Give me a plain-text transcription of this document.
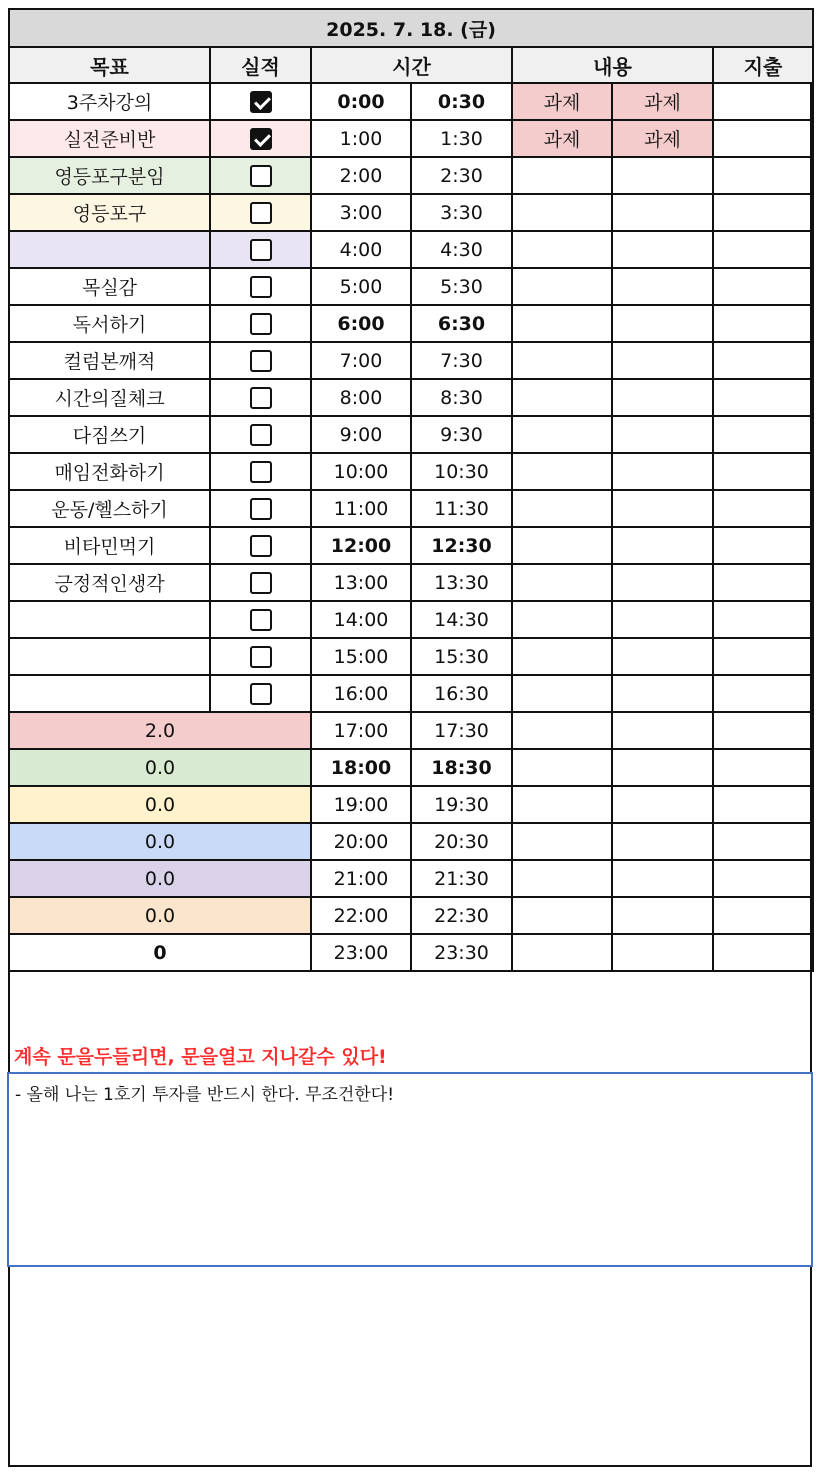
2025. 7. 18. (금)						
목표	실적	시간		내용		지출
3주차강의		0:00	0:30	과제	과제	
실전준비반		1:00	1:30	과제	과제	
영등포구분임		2:00	2:30			
영등포구		3:00	3:30			
		4:00	4:30			
목실감		5:00	5:30			
독서하기		6:00	6:30			
컬럼본깨적		7:00	7:30			
시간의질체크		8:00	8:30			
다짐쓰기		9:00	9:30			
매임전화하기		10:00	10:30			
운동/헬스하기		11:00	11:30			
비타민먹기		12:00	12:30			
긍정적인생각		13:00	13:30			
		14:00	14:30			
		15:00	15:30			
		16:00	16:30			
2.0		17:00	17:30			
0.0		18:00	18:30			
0.0		19:00	19:30			
0.0		20:00	20:30			
0.0		21:00	21:30			
0.0		22:00	22:30			
0		23:00	23:30			
계속 문을두들리면, 문을열고 지나갈수 있다!
- 올해 나는 1호기 투자를 반드시 한다. 무조건한다!
